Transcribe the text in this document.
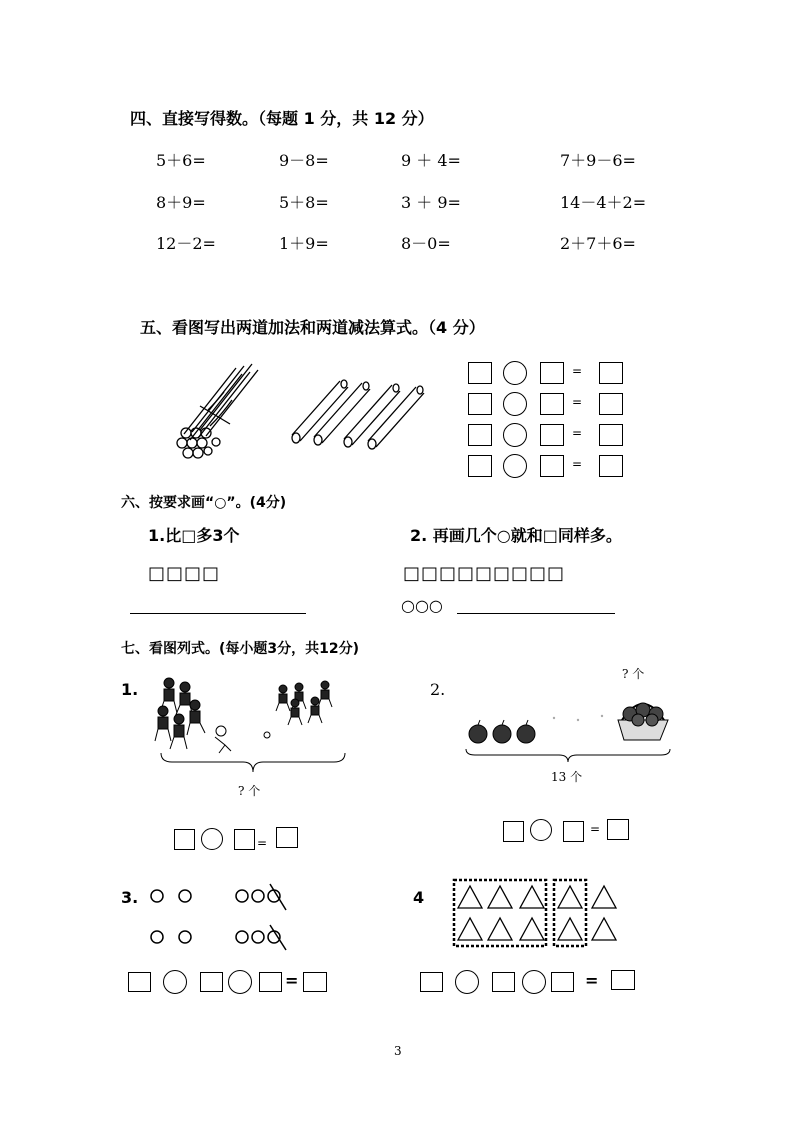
四、直接写得数。（每题 1 分，共 12 分）
5＋6=	9－8=	9 ＋ 4=	7＋9－6=
8＋9=	5＋8=	3 ＋ 9=	14－4＋2=
12－2=	1＋9=	8－0=	2＋7＋6=
五、看图写出两道加法和两道减法算式。（4 分）
=
=
=
=
六、按要求画“○”。(4分)
1.比□多3个	2. 再画几个○就和□同样多。
□□□□	□□□□□□□□□
○○○
七、看图列式。(每小题3分，共12分)
1.
? 个
=
2.
? 个
13 个
=
3.
=
4
=
3
